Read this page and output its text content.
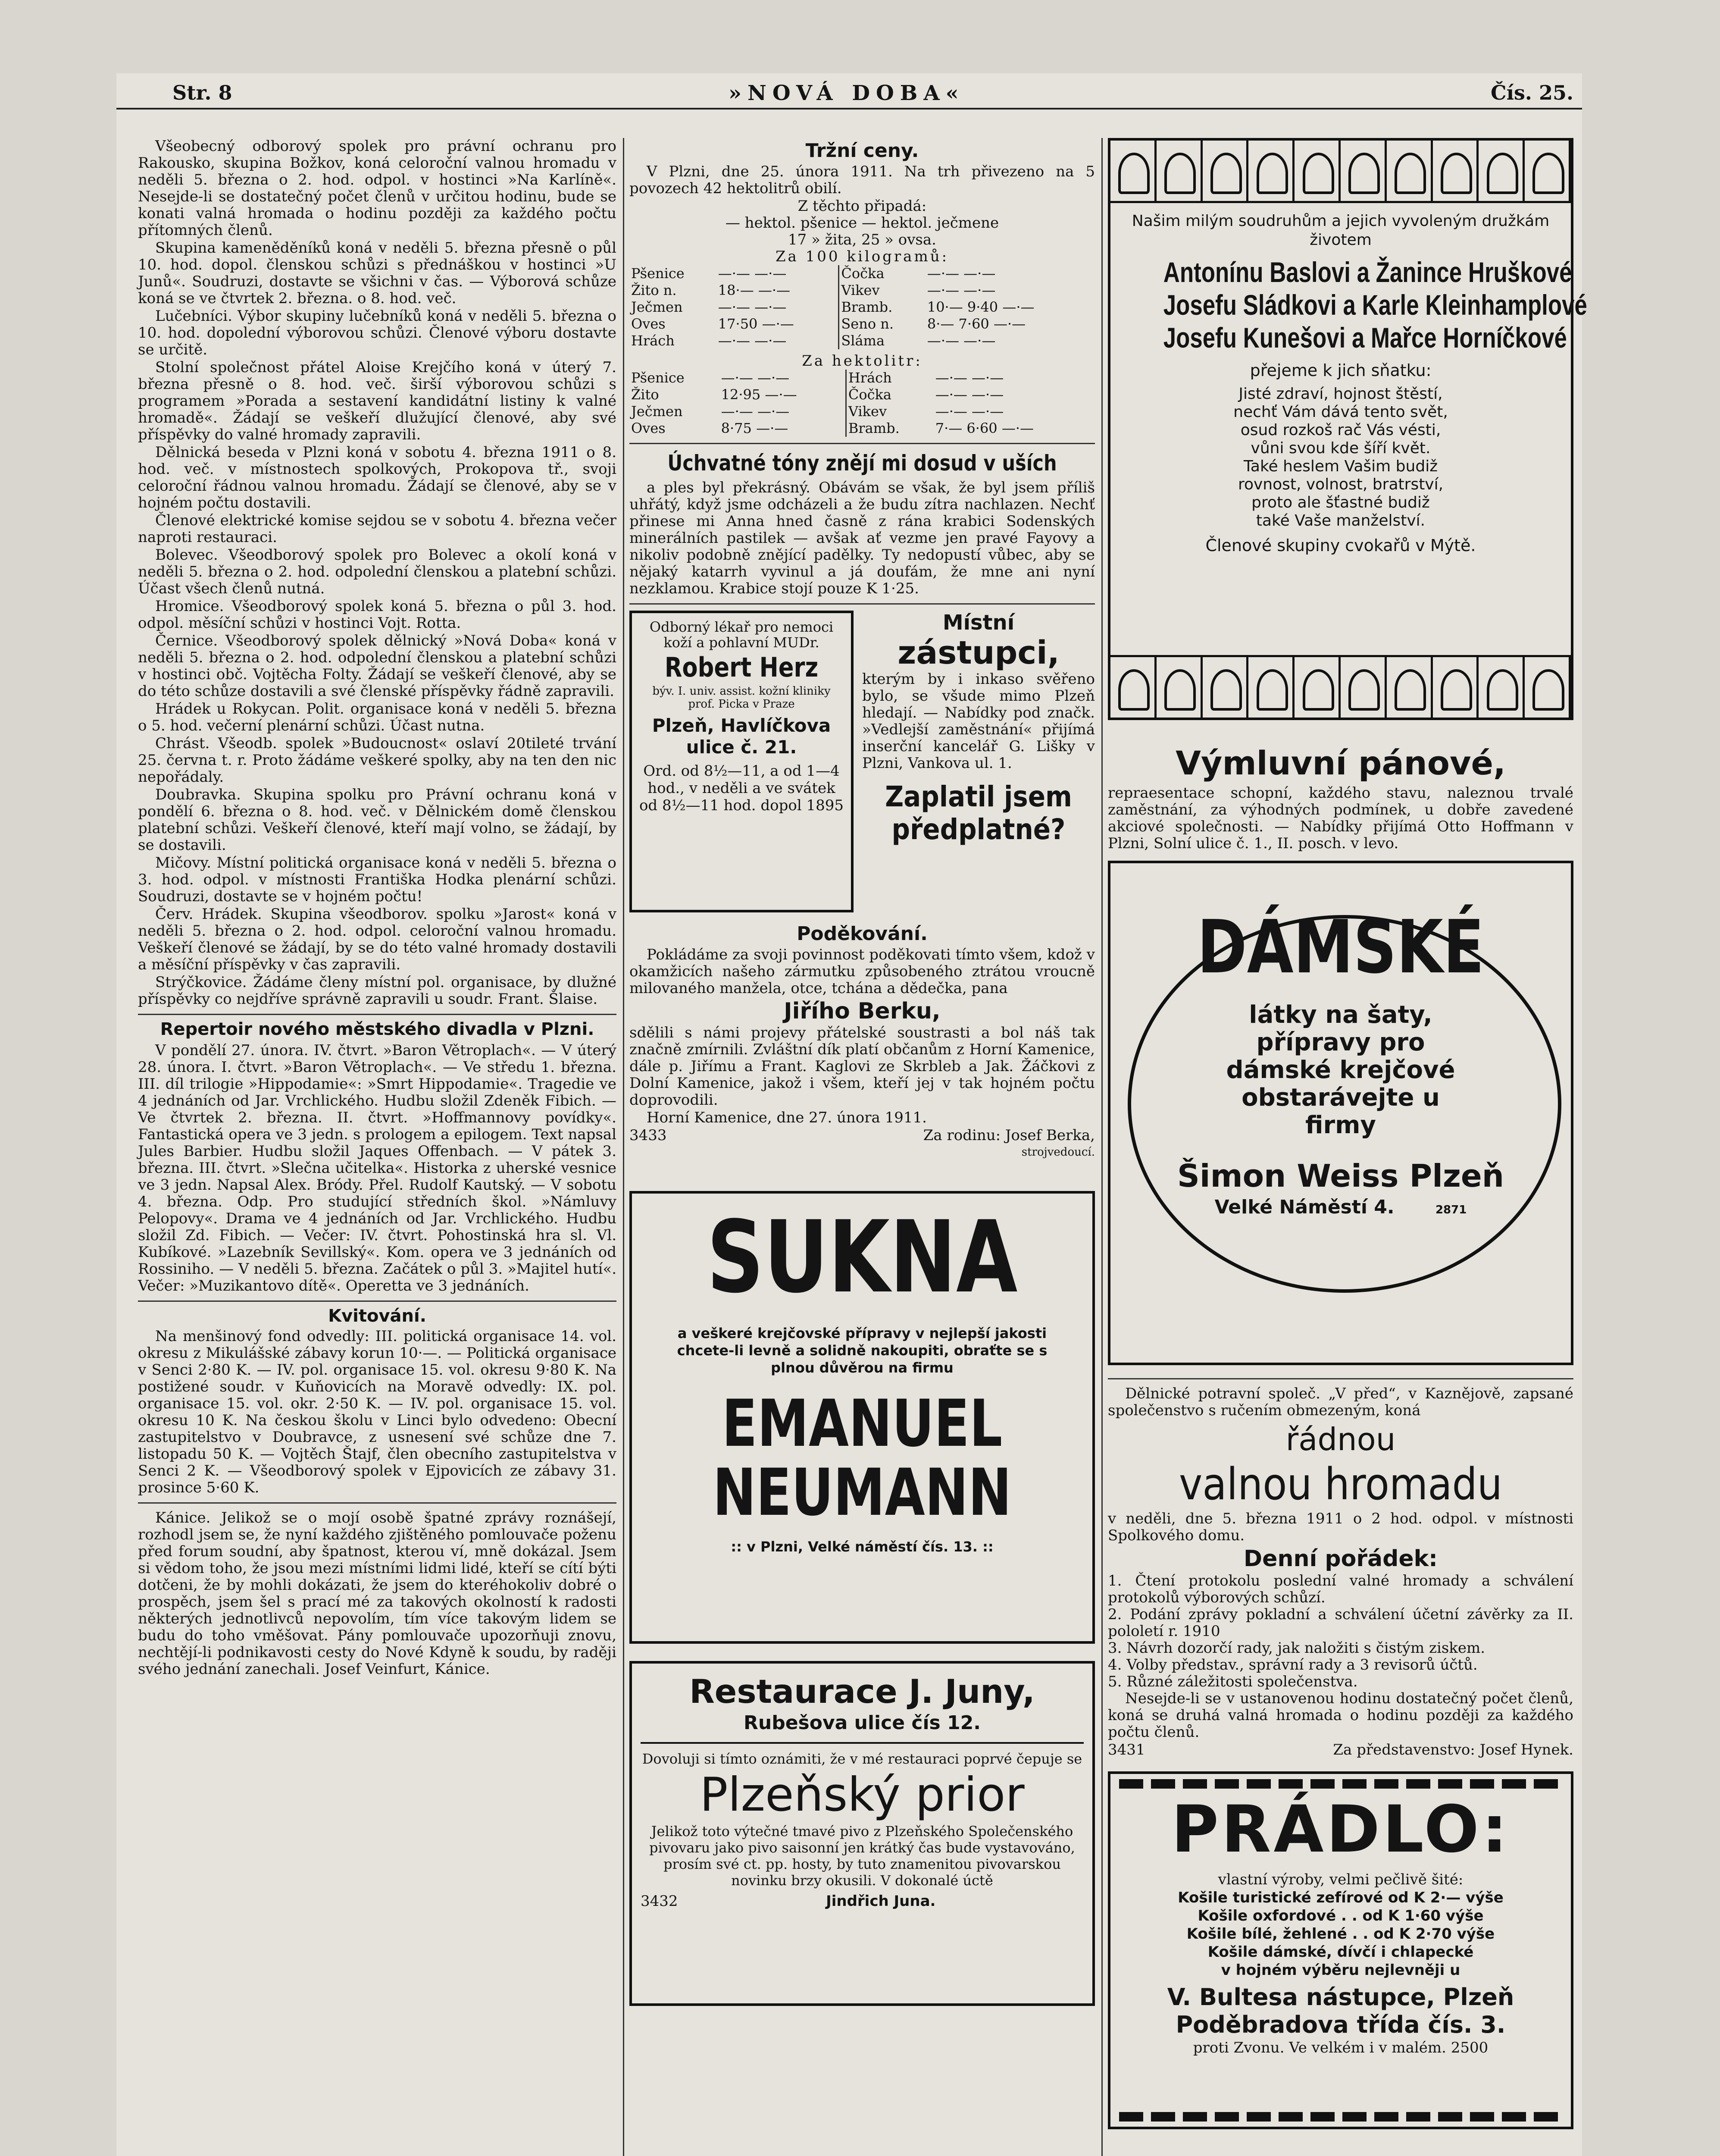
Str. 8	»NOVÁ DOBA«	Čís. 25.

Všeobecný odborový spolek pro právní ochranu pro Rakousko, skupina Božkov, koná celoroční valnou hromadu v neděli 5. března o 2. hod. odpol. v hostinci »Na Karlíně«. Nesejde-li se dostatečný počet členů v určitou hodinu, bude se konati valná hromada o hodinu později za každého počtu přítomných členů.

Skupina kameněděníků koná v neděli 5. března přesně o půl 10. hod. dopol. členskou schůzi s přednáškou v hostinci »U Junů«. Soudruzi, dostavte se všichni v čas. — Výborová schůze koná se ve čtvrtek 2. března. o 8. hod. več.

Lučebníci. Výbor skupiny lučebníků koná v neděli 5. března o 10. hod. dopolední výborovou schůzi. Členové výboru dostavte se určitě.

Stolní společnost přátel Aloise Krejčího koná v úterý 7. března přesně o 8. hod. več. širší výborovou schůzi s programem »Porada a sestavení kandidátní listiny k valné hromadě«. Žádají se veškeří dlužující členové, aby své příspěvky do valné hromady zapravili.

Dělnická beseda v Plzni koná v sobotu 4. března 1911 o 8. hod. več. v místnostech spolkových, Prokopova tř., svoji celoroční řádnou valnou hromadu. Žádají se členové, aby se v hojném počtu dostavili.

Členové elektrické komise sejdou se v sobotu 4. března večer naproti restauraci.

Bolevec. Všeodborový spolek pro Bolevec a okolí koná v neděli 5. března o 2. hod. odpolední členskou a platební schůzi. Účast všech členů nutná.

Hromice. Všeodborový spolek koná 5. března o půl 3. hod. odpol. měsíční schůzi v hostinci Vojt. Rotta.

Černice. Všeodborový spolek dělnický »Nová Doba« koná v neděli 5. března o 2. hod. odpolední členskou a platební schůzi v hostinci obč. Vojtěcha Folty. Žádají se veškeří členové, aby se do této schůze dostavili a své členské příspěvky řádně zapravili.

Hrádek u Rokycan. Polit. organisace koná v neděli 5. března o 5. hod. večerní plenární schůzi. Účast nutna.

Chrást. Všeodb. spolek »Budoucnost« oslaví 20tileté trvání 25. června t. r. Proto žádáme veškeré spolky, aby na ten den nic nepořádaly.

Doubravka. Skupina spolku pro Právní ochranu koná v pondělí 6. března o 8. hod. več. v Dělnickém domě členskou platební schůzi. Veškeří členové, kteří mají volno, se žádají, by se dostavili.

Mičovy. Místní politická organisace koná v neděli 5. března o 3. hod. odpol. v místnosti Františka Hodka plenární schůzi. Soudruzi, dostavte se v hojném počtu!

Červ. Hrádek. Skupina všeodborov. spolku »Jarost« koná v neděli 5. března o 2. hod. odpol. celoroční valnou hromadu. Veškeří členové se žádají, by se do této valné hromady dostavili a měsíční příspěvky v čas zapravili.

Strýčkovice. Žádáme členy místní pol. organisace, by dlužné příspěvky co nejdříve správně zapravili u soudr. Frant. Šlaise.

Repertoir nového městského divadla v Plzni.

V pondělí 27. února. IV. čtvrt. »Baron Větroplach«. — V úterý 28. února. I. čtvrt. »Baron Větroplach«. — Ve středu 1. března. III. díl trilogie »Hippodamie«: »Smrt Hippodamie«. Tragedie ve 4 jednáních od Jar. Vrchlického. Hudbu složil Zdeněk Fibich. — Ve čtvrtek 2. března. II. čtvrt. »Hoffmannovy povídky«. Fantastická opera ve 3 jedn. s prologem a epilogem. Text napsal Jules Barbier. Hudbu složil Jaques Offenbach. — V pátek 3. března. III. čtvrt. »Slečna učitelka«. Historka z uherské vesnice ve 3 jedn. Napsal Alex. Bródy. Přel. Rudolf Kautský. — V sobotu 4. března. Odp. Pro studující středních škol. »Námluvy Pelopovy«. Drama ve 4 jednáních od Jar. Vrchlického. Hudbu složil Zd. Fibich. — Večer: IV. čtvrt. Pohostinská hra sl. Vl. Kubíkové. »Lazebník Sevillský«. Kom. opera ve 3 jednáních od Rossiniho. — V neděli 5. března. Začátek o půl 3. »Majitel hutí«. Večer: »Muzikantovo dítě«. Operetta ve 3 jednáních.

Kvitování.

Na menšinový fond odvedly: III. politická organisace 14. vol. okresu z Mikulášské zábavy korun 10·—. — Politická organisace v Senci 2·80 K. — IV. pol. organisace 15. vol. okresu 9·80 K. Na postižené soudr. v Kuňovicích na Moravě odvedly: IX. pol. organisace 15. vol. okr. 2·50 K. — IV. pol. organisace 15. vol. okresu 10 K. Na českou školu v Linci bylo odvedeno: Obecní zastupitelstvo v Doubravce, z usnesení své schůze dne 7. listopadu 50 K. — Vojtěch Štajf, člen obecního zastupitelstva v Senci 2 K. — Všeodborový spolek v Ejpovicích ze zábavy 31. prosince 5·60 K.

Kánice. Jelikož se o mojí osobě špatné zprávy roznášejí, rozhodl jsem se, že nyní každého zjištěného pomlouvače poženu před forum soudní, aby špatnost, kterou ví, mně dokázal. Jsem si vědom toho, že jsou mezi místními lidmi lidé, kteří se cítí býti dotčeni, že by mohli dokázati, že jsem do kteréhokoliv dobré o prospěch, jsem šel s prací mé za takových okolností k radosti některých jednotlivců nepovolím, tím více takovým lidem se budu do toho vměšovat. Pány pomlouvače upozorňuji znovu, nechtějí-li podnikavosti cesty do Nové Kdyně k soudu, by raději svého jednání zanechali. Josef Veinfurt, Kánice.

Tržní ceny.

V Plzni, dne 25. února 1911. Na trh přivezeno na 5 povozech 42 hektolitrů obilí.

Z těchto připadá:
— hektol. pšenice — hektol. ječmene
17 » žita, 25 » ovsa.
Za 100 kilogramů:
Pšenice	—·— —·—	Čočka	—·— —·—
Žito n.	18·— —·—	Vikev	—·— —·—
Ječmen	—·— —·—	Bramb.	10·— 9·40 —·—
Oves	17·50 —·—	Seno n.	8·— 7·60 —·—
Hrách	—·— —·—	Sláma	—·— —·—
Za hektolitr:
Pšenice	—·— —·—	Hrách	—·— —·—
Žito	12·95 —·—	Čočka	—·— —·—
Ječmen	—·— —·—	Vikev	—·— —·—
Oves	8·75 —·—	Bramb.	7·— 6·60 —·—
Úchvatné tóny znějí mi dosud v uších

a ples byl překrásný. Obávám se však, že byl jsem příliš uhřátý, když jsme odcházeli a že budu zítra nachlazen. Nechť přinese mi Anna hned časně z rána krabici Sodenských minerálních pastilek — avšak ať vezme jen pravé Fayovy a nikoliv podobně znějící padělky. Ty nedopustí vůbec, aby se nějaký katarrh vyvinul a já doufám, že mne ani nyní nezklamou. Krabice stojí pouze K 1·25.

Odborný lékař pro nemoci koží a pohlavní MUDr.
Robert Herz
býv. I. univ. assist. kožní kliniky prof. Picka v Praze
Plzeň, Havlíčkova ulice č. 21.
Ord. od 8½—11, a od 1—4 hod., v neděli a ve svátek od 8½—11 hod. dopol 1895
Místní
zástupci,

kterým by i inkaso svěřeno bylo, se všude mimo Plzeň hledají. — Nabídky pod značk. »Vedlejší zaměstnání« přijímá inserční kancelář G. Lišky v Plzni, Vankova ul. 1.

Zaplatil jsem předplatné?
Poděkování.

Pokládáme za svoji povinnost poděkovati tímto všem, kdož v okamžicích našeho zármutku způsobeného ztrátou vroucně milovaného manžela, otce, tchána a dědečka, pana

Jiřího Berku,

sdělili s námi projevy přátelské soustrasti a bol náš tak značně zmírnili. Zvláštní dík platí občanům z Horní Kamenice, dále p. Jiřímu a Frant. Kaglovi ze Skrbleb a Jak. Žáčkovi z Dolní Kamenice, jakož i všem, kteří jej v tak hojném počtu doprovodili.

Horní Kamenice, dne 27. února 1911.

3433	Za rodinu: Josef Berka,
strojvedoucí.
SUKNA
a veškeré krejčovské přípravy v nejlepší jakosti chcete-li levně a solidně nakoupiti, obraťte se s plnou důvěrou na firmu
EMANUEL
NEUMANN
:: v Plzni, Velké náměstí čís. 13. ::
Restaurace J. Juny,
Rubešova ulice čís 12.
Dovoluji si tímto oznámiti, že v mé restauraci poprvé čepuje se
Plzeňský prior
Jelikož toto výtečné tmavé pivo z Plzeňského Společenského pivovaru jako pivo saisonní jen krátký čas bude vystavováno, prosím své ct. pp. hosty, by tuto znamenitou pivovarskou novinku brzy okusili. V dokonalé úctě
3432	Jindřich Juna.
Našim milým soudruhům a jejich vyvoleným družkám životem
Antonínu Baslovi a Žanince Hruškové
Josefu Sládkovi a Karle Kleinhamplové
Josefu Kunešovi a Mařce Horníčkové
přejeme k jich sňatku:
Jisté zdraví, hojnost štěstí,
nechť Vám dává tento svět,
osud rozkoš rač Vás vésti,
vůni svou kde šíří květ.
Také heslem Vašim budiž
rovnost, volnost, bratrství,
proto ale šťastné budiž
také Vaše manželství.
Členové skupiny cvokařů v Mýtě.
Výmluvní pánové,

repraesentace schopní, každého stavu, naleznou trvalé zaměstnání, za výhodných podmínek, u dobře zavedené akciové společnosti. — Nabídky přijímá Otto Hoffmann v Plzni, Solní ulice č. 1., II. posch. v levo.

DÁMSKÉ
látky na šaty, přípravy pro dámské krejčové obstarávejte u firmy
Šimon Weiss Plzeň
Velké Náměstí 4.	2871

Dělnické potravní společ. „V před“, v Kaznějově, zapsané společenstvo s ručením obmezeným, koná

řádnou
valnou hromadu

v neděli, dne 5. března 1911 o 2 hod. odpol. v místnosti Spolkového domu.

Denní pořádek:
1. Čtení protokolu poslední valné hromady a schválení protokolů výborových schůzí.
2. Podání zprávy pokladní a schválení účetní závěrky za II. pololetí r. 1910
3. Návrh dozorčí rady, jak naložiti s čistým ziskem.
4. Volby představ., správní rady a 3 revisorů účtů.
5. Různé záležitosti společenstva.

Nesejde-li se v ustanovenou hodinu dostatečný počet členů, koná se druhá valná hromada o hodinu později za každého počtu členů.

3431	Za představenstvo: Josef Hynek.
PRÁDLO:
vlastní výroby, velmi pečlivě šité:
Košile turistické zefírové od K 2·— výše
Košile oxfordové . . od K 1·60 výše
Košile bílé, žehlené . . od K 2·70 výše
Košile dámské, dívčí i chlapecké
v hojném výběru nejlevněji u
V. Bultesa nástupce, Plzeň
Poděbradova třída čís. 3.
proti Zvonu. Ve velkém i v malém. 2500
